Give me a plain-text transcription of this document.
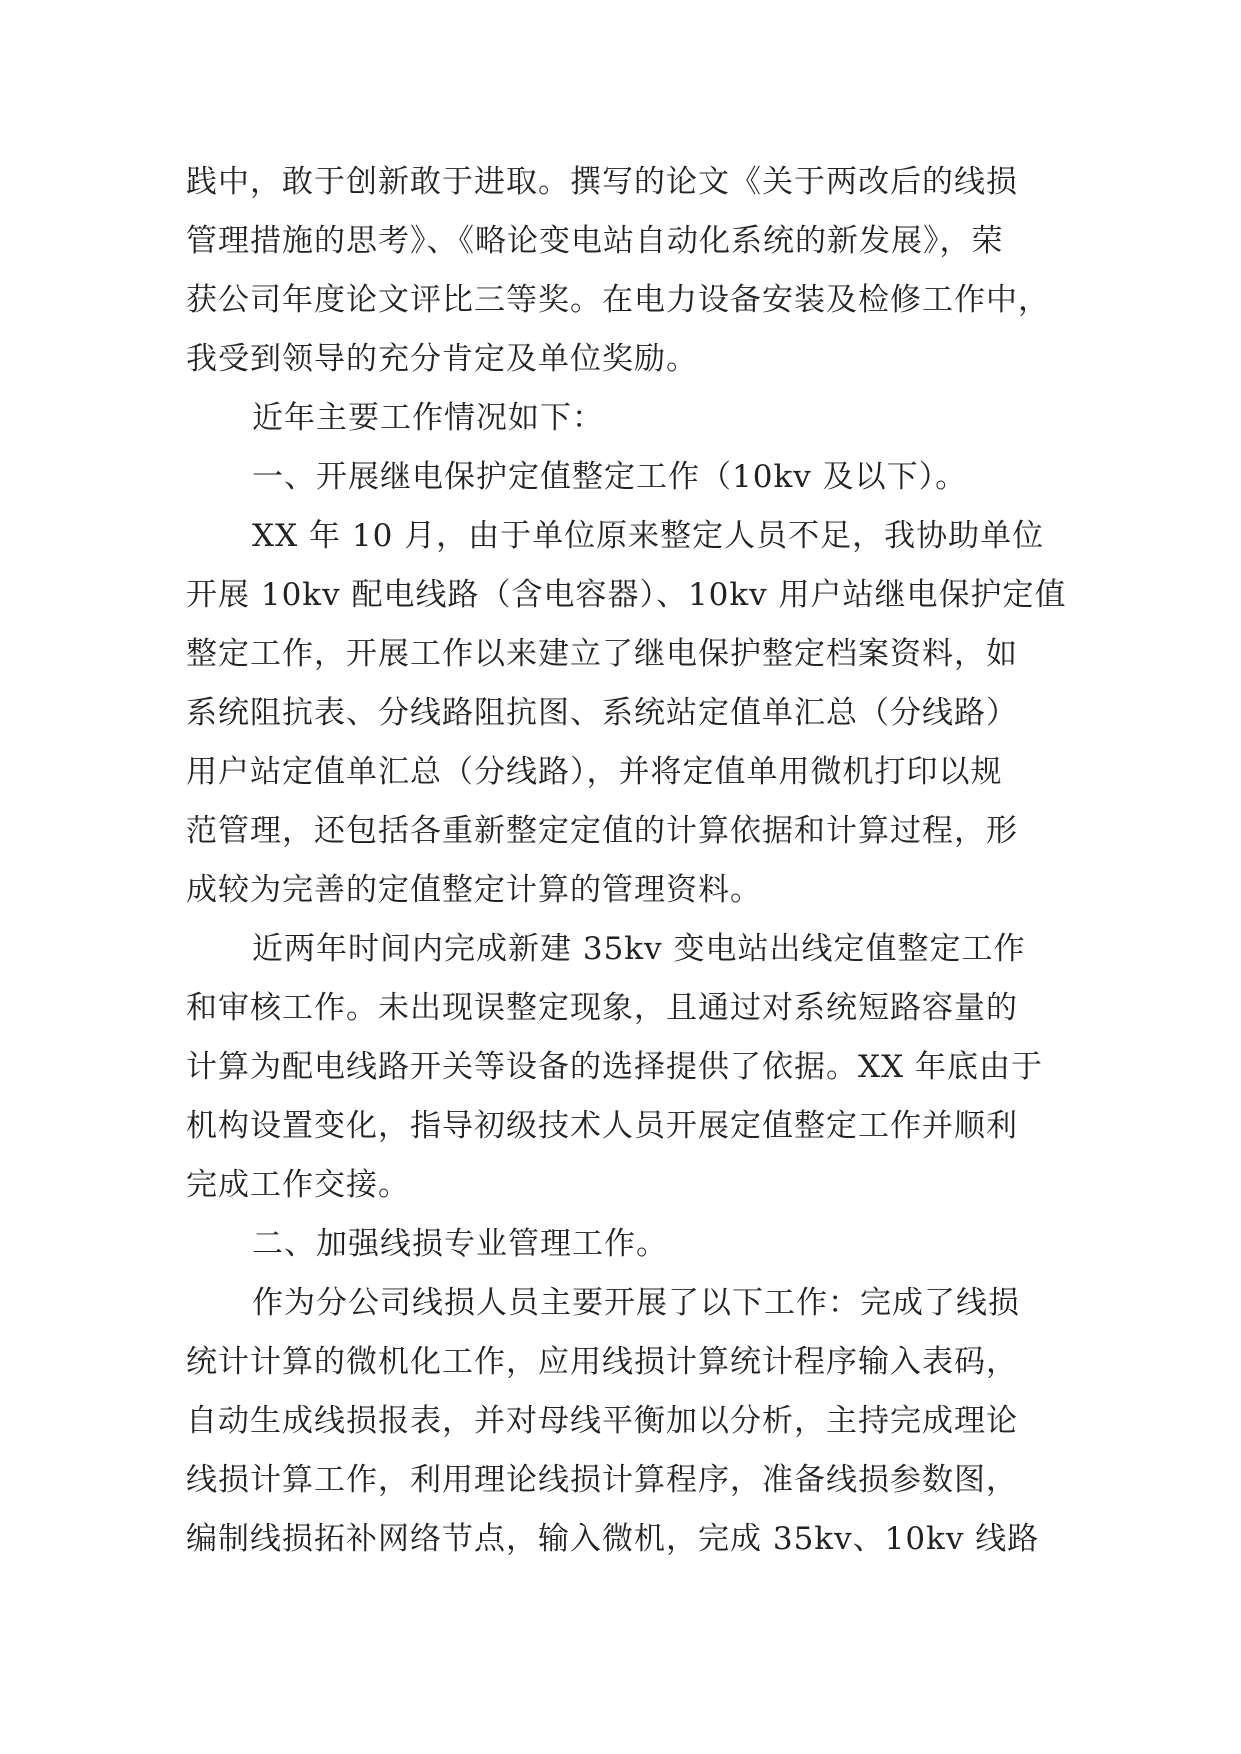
践中，敢于创新敢于进取。撰写的论文《关于两改后的线损
管理措施的思考》、《略论变电站自动化系统的新发展》，荣
获公司年度论文评比三等奖。在电力设备安装及检修工作中，
我受到领导的充分肯定及单位奖励。
近年主要工作情况如下：
一、开展继电保护定值整定工作（10kv 及以下）。
XX 年 10 月，由于单位原来整定人员不足，我协助单位
开展 10kv 配电线路（含电容器）、10kv 用户站继电保护定值
整定工作，开展工作以来建立了继电保护整定档案资料，如
系统阻抗表、分线路阻抗图、系统站定值单汇总（分线路）
用户站定值单汇总（分线路），并将定值单用微机打印以规
范管理，还包括各重新整定定值的计算依据和计算过程，形
成较为完善的定值整定计算的管理资料。
近两年时间内完成新建 35kv 变电站出线定值整定工作
和审核工作。未出现误整定现象，且通过对系统短路容量的
计算为配电线路开关等设备的选择提供了依据。XX 年底由于
机构设置变化，指导初级技术人员开展定值整定工作并顺利
完成工作交接。
二、加强线损专业管理工作。
作为分公司线损人员主要开展了以下工作：完成了线损
统计计算的微机化工作，应用线损计算统计程序输入表码，
自动生成线损报表，并对母线平衡加以分析，主持完成理论
线损计算工作，利用理论线损计算程序，准备线损参数图，
编制线损拓补网络节点，输入微机，完成 35kv、10kv 线路
